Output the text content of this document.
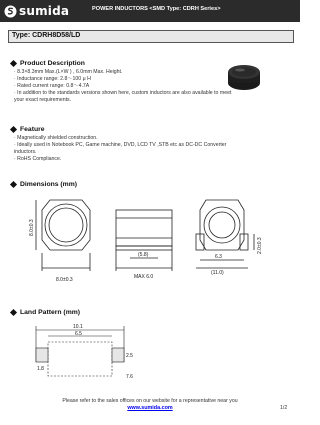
sumida	POWER INDUCTORS <SMD Type: CDRH Series>
Type: CDRH8D58/LD
Product Description
· 8.3×8.3mm Max.(L×W ) , 6.0mm Max. Height.
· Inductance range: 2.8～100 μ H
· Rated current range: 0.8～4.7A
· In addition to the standards versions shown here, custom inductors are also available to meet
your exact requirements.
Feature
· Magnetically shielded construction.
· Ideally used in Notebook PC, Game machine, DVD, LCD TV ,STB etc as DC-DC Converter
inductors.
· RoHS Compliance.
Dimensions (mm)
8.0±0.3
8.0±0.3
(5.8)
MAX 6.0
6.3
(11.0)
2.0±0.3
Land Pattern (mm)
10.1
6.5
1.8
2.5
7.6
Please refer to the sales offices on our website for a representative near you
www.sumida.com	1/2
